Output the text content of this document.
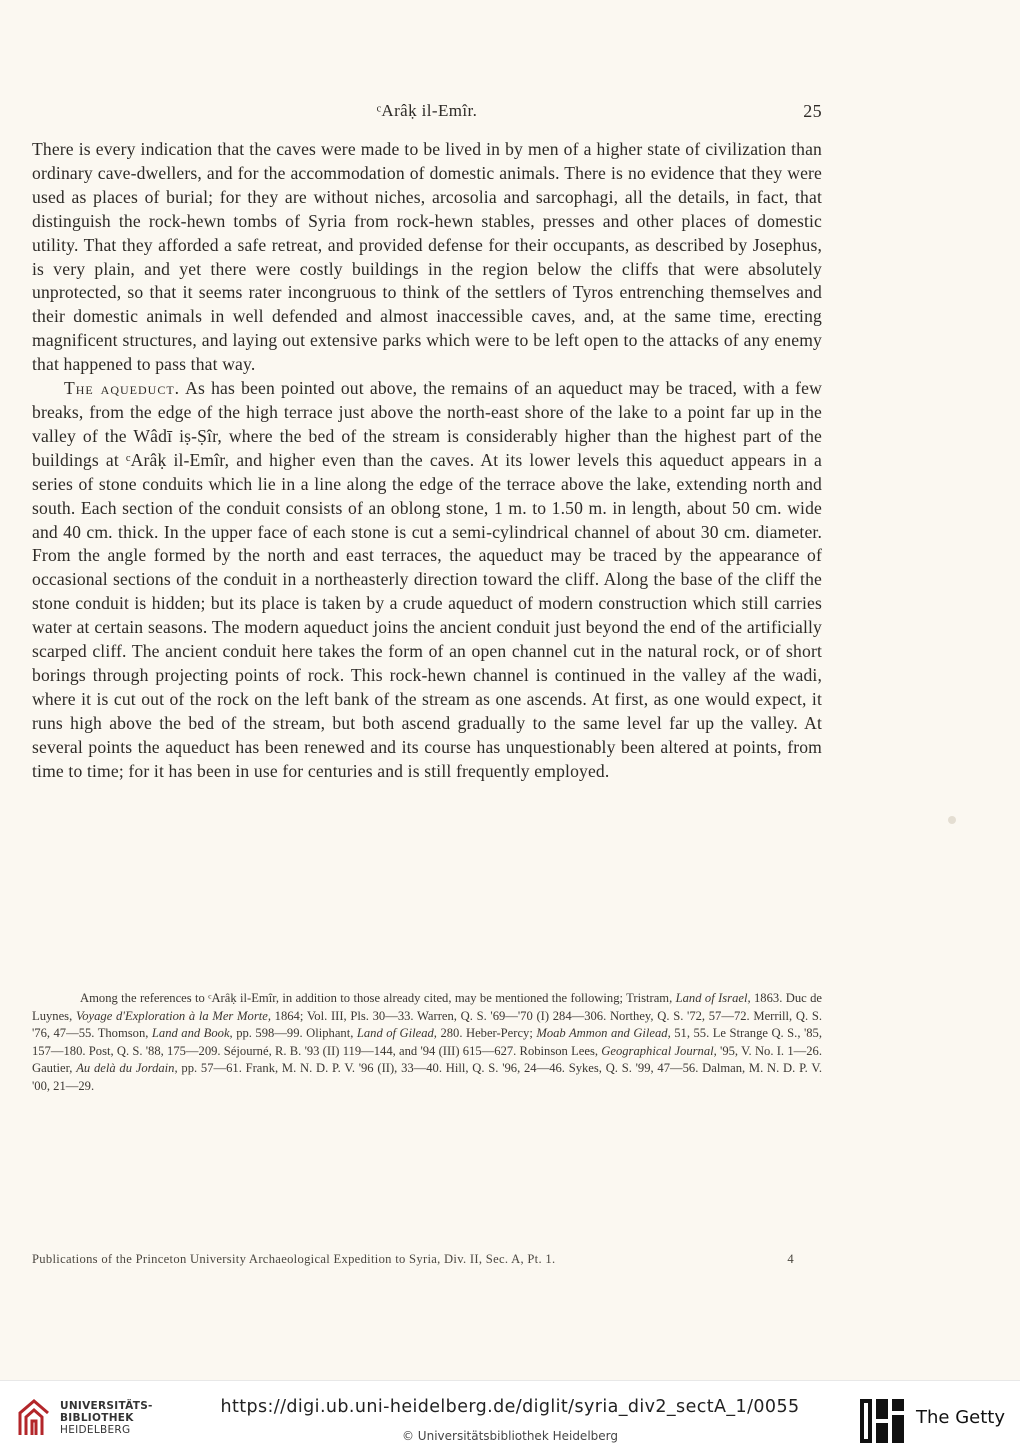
ᶜArâḳ il-Emîr.	25

There is every indication that the caves were made to be lived in by men of a higher state of civilization than ordinary cave-dwellers, and for the accommodation of domestic animals. There is no evidence that they were used as places of burial; for they are without niches, arcosolia and sarcophagi, all the details, in fact, that distinguish the rock-hewn tombs of Syria from rock-hewn stables, presses and other places of domestic utility. That they afforded a safe retreat, and provided defense for their occupants, as described by Josephus, is very plain, and yet there were costly buildings in the region below the cliffs that were absolutely unprotected, so that it seems rater incongruous to think of the settlers of Tyros entrenching themselves and their domestic animals in well defended and almost inaccessible caves, and, at the same time, erecting magnificent structures, and laying out extensive parks which were to be left open to the attacks of any enemy that happened to pass that way.

The aqueduct. As has been pointed out above, the remains of an aqueduct may be traced, with a few breaks, from the edge of the high terrace just above the north-east shore of the lake to a point far up in the valley of the Wâdī iṣ-Ṣîr, where the bed of the stream is considerably higher than the highest part of the buildings at ᶜArâḳ il-Emîr, and higher even than the caves. At its lower levels this aqueduct appears in a series of stone conduits which lie in a line along the edge of the terrace above the lake, extending north and south. Each section of the conduit consists of an oblong stone, 1 m. to 1.50 m. in length, about 50 cm. wide and 40 cm. thick. In the upper face of each stone is cut a semi-cylindrical channel of about 30 cm. diameter. From the angle formed by the north and east terraces, the aqueduct may be traced by the appearance of occasional sections of the conduit in a northeasterly direction toward the cliff. Along the base of the cliff the stone conduit is hidden; but its place is taken by a crude aqueduct of modern construction which still carries water at certain seasons. The modern aqueduct joins the ancient conduit just beyond the end of the artificially scarped cliff. The ancient conduit here takes the form of an open channel cut in the natural rock, or of short borings through projecting points of rock. This rock-hewn channel is continued in the valley af the wadi, where it is cut out of the rock on the left bank of the stream as one ascends. At first, as one would expect, it runs high above the bed of the stream, but both ascend gradually to the same level far up the valley. At several points the aqueduct has been renewed and its course has unquestionably been altered at points, from time to time; for it has been in use for centuries and is still frequently employed.

Among the references to ᶜArâḳ il-Emîr, in addition to those already cited, may be mentioned the following; Tristram, Land of Israel, 1863. Duc de Luynes, Voyage d'Exploration à la Mer Morte, 1864; Vol. III, Pls. 30—33. Warren, Q. S. '69—'70 (I) 284—306. Northey, Q. S. '72, 57—72. Merrill, Q. S. '76, 47—55. Thomson, Land and Book, pp. 598—99. Oliphant, Land of Gilead, 280. Heber-Percy; Moab Ammon and Gilead, 51, 55. Le Strange Q. S., '85, 157—180. Post, Q. S. '88, 175—209. Séjourné, R. B. '93 (II) 119—144, and '94 (III) 615—627. Robinson Lees, Geographical Journal, '95, V. No. I. 1—26. Gautier, Au delà du Jordain, pp. 57—61. Frank, M. N. D. P. V. '96 (II), 33—40. Hill, Q. S. '96, 24—46. Sykes, Q. S. '99, 47—56. Dalman, M. N. D. P. V. '00, 21—29.

Publications of the Princeton University Archaeological Expedition to Syria, Div. II, Sec. A, Pt. 1.	4
UNIVERSITÄTS-
BIBLIOTHEK
HEIDELBERG
https://digi.ub.uni-heidelberg.de/diglit/syria_div2_sectA_1/0055
© Universitätsbibliothek Heidelberg
The Getty
